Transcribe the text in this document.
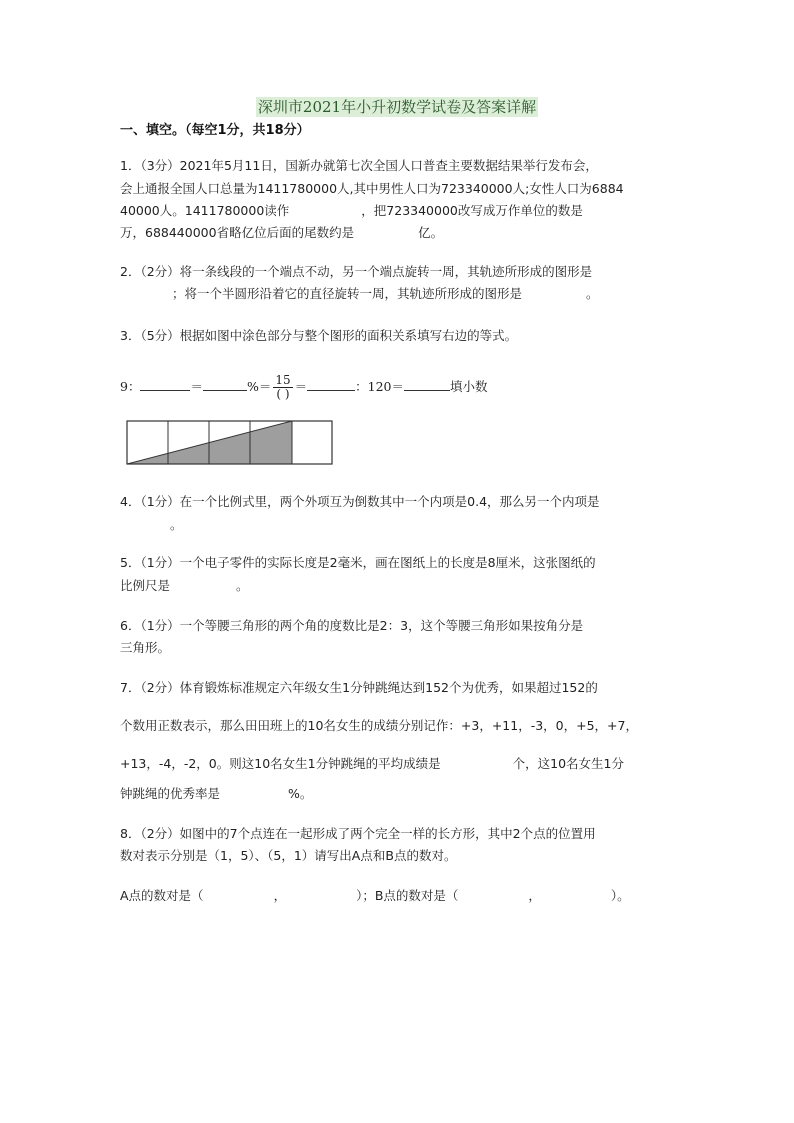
深圳市2021年小升初数学试卷及答案详解
一、填空。（每空1分，共18分）
1．（3分）2021年5月11日，国新办就第七次全国人口普查主要数据结果举行发布会，
会上通报全国人口总量为1411780000人,其中男性人口为723340000人;女性人口为6884
40000人。1411780000读作	，把723340000改写成万作单位的数是
万，688440000省略亿位后面的尾数约是	亿。
2．（2分）将一条线段的一个端点不动，另一个端点旋转一周，其轨迹所形成的图形是
；将一个半圆形沿着它的直径旋转一周，其轨迹所形成的图形是	。
3．（5分）根据如图中涂色部分与整个图形的面积关系填写右边的等式。
9：	＝	%＝ $\frac{15}{( )}$ ＝	：120＝	填小数
4．（1分）在一个比例式里，两个外项互为倒数其中一个内项是0.4，那么另一个内项是
。
5．（1分）一个电子零件的实际长度是2毫米，画在图纸上的长度是8厘米，这张图纸的
比例尺是	。
6．（1分）一个等腰三角形的两个角的度数比是2：3，这个等腰三角形如果按角分是
三角形。
7．（2分）体育锻炼标准规定六年级女生1分钟跳绳达到152个为优秀，如果超过152的
个数用正数表示，那么田田班上的10名女生的成绩分别记作：+3，+11，-3，0，+5，+7，
+13，-4，-2，0。则这10名女生1分钟跳绳的平均成绩是	个，这10名女生1分
钟跳绳的优秀率是	%。
8．（2分）如图中的7个点连在一起形成了两个完全一样的长方形，其中2个点的位置用
数对表示分别是（1，5）、（5，1）请写出A点和B点的数对。
A点的数对是（	，	）；B点的数对是（	，	）。
